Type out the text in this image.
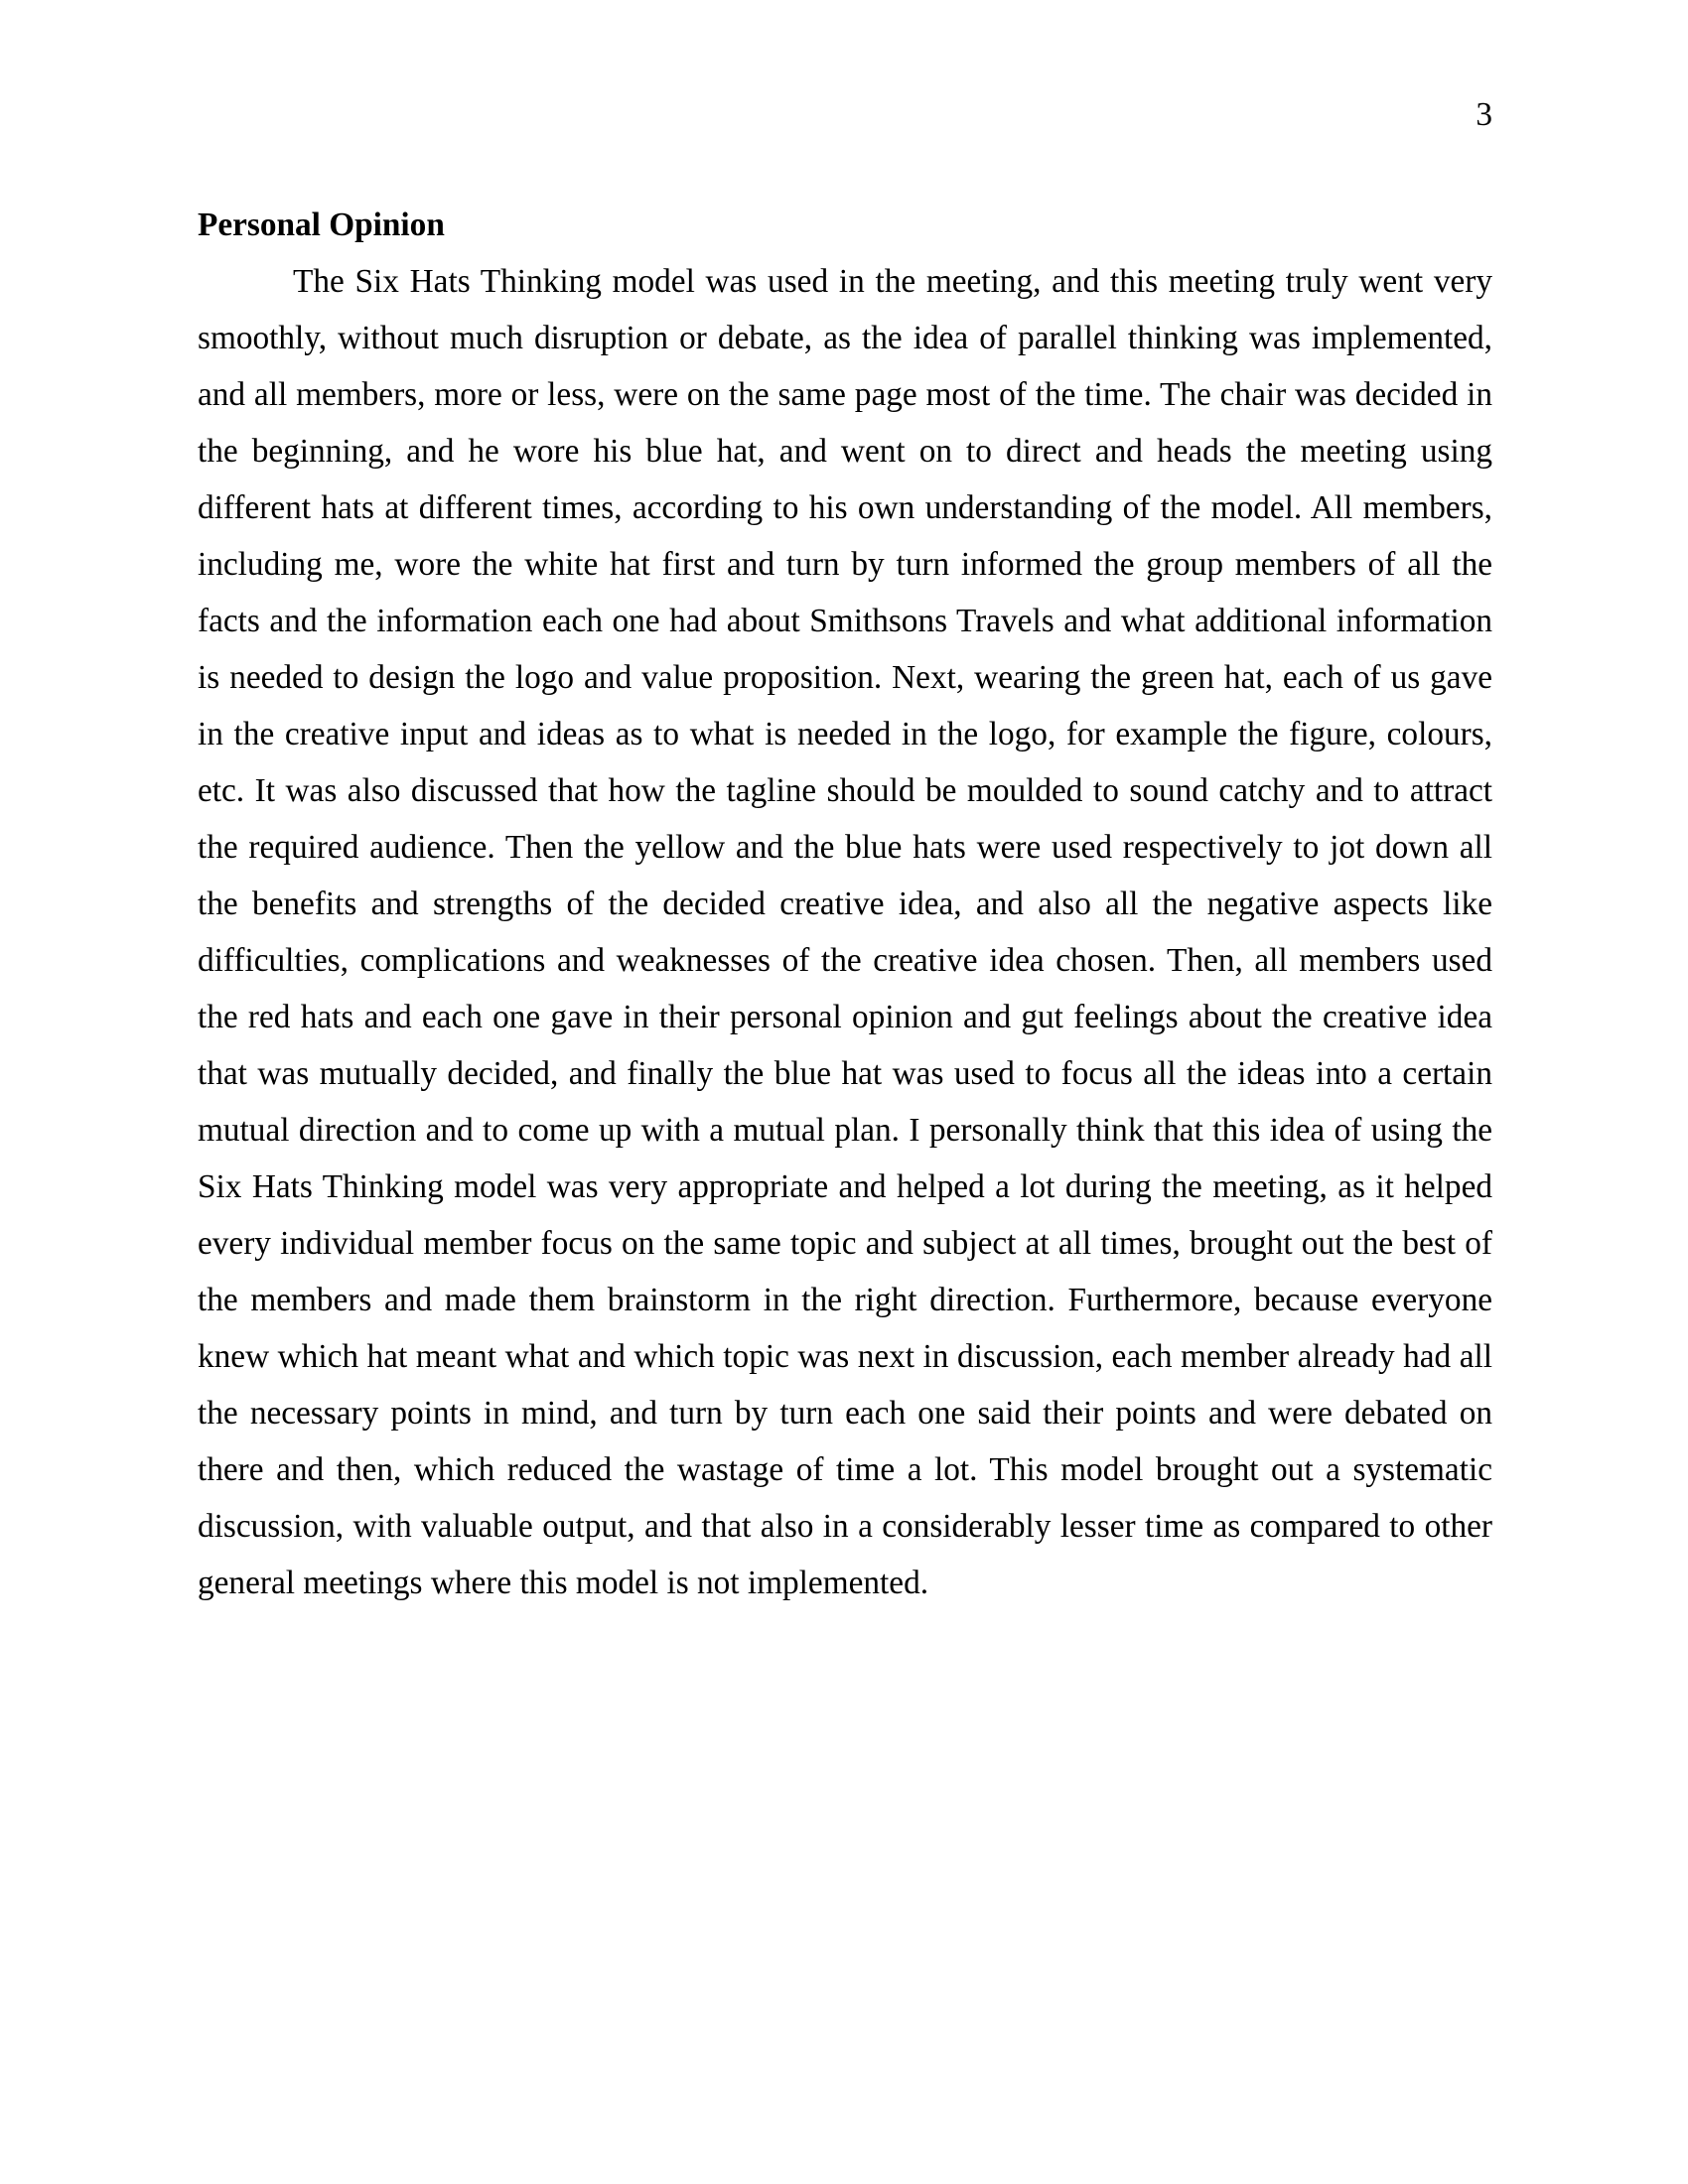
3
Personal Opinion

The Six Hats Thinking model was used in the meeting, and this meeting truly went very smoothly, without much disruption or debate, as the idea of parallel thinking was implemented, and all members, more or less, were on the same page most of the time. The chair was decided in the beginning, and he wore his blue hat, and went on to direct and heads the meeting using different hats at different times, according to his own understanding of the model. All members, including me, wore the white hat first and turn by turn informed the group members of all the facts and the information each one had about Smithsons Travels and what additional information is needed to design the logo and value proposition. Next, wearing the green hat, each of us gave in the creative input and ideas as to what is needed in the logo, for example the figure, colours, etc. It was also discussed that how the tagline should be moulded to sound catchy and to attract the required audience. Then the yellow and the blue hats were used respectively to jot down all the benefits and strengths of the decided creative idea, and also all the negative aspects like difficulties, complications and weaknesses of the creative idea chosen. Then, all members used the red hats and each one gave in their personal opinion and gut feelings about the creative idea that was mutually decided, and finally the blue hat was used to focus all the ideas into a certain mutual direction and to come up with a mutual plan. I personally think that this idea of using the Six Hats Thinking model was very appropriate and helped a lot during the meeting, as it helped every individual member focus on the same topic and subject at all times, brought out the best of the members and made them brainstorm in the right direction. Furthermore, because everyone knew which hat meant what and which topic was next in discussion, each member already had all the necessary points in mind, and turn by turn each one said their points and were debated on there and then, which reduced the wastage of time a lot. This model brought out a systematic discussion, with valuable output, and that also in a considerably lesser time as compared to other general meetings where this model is not implemented.
